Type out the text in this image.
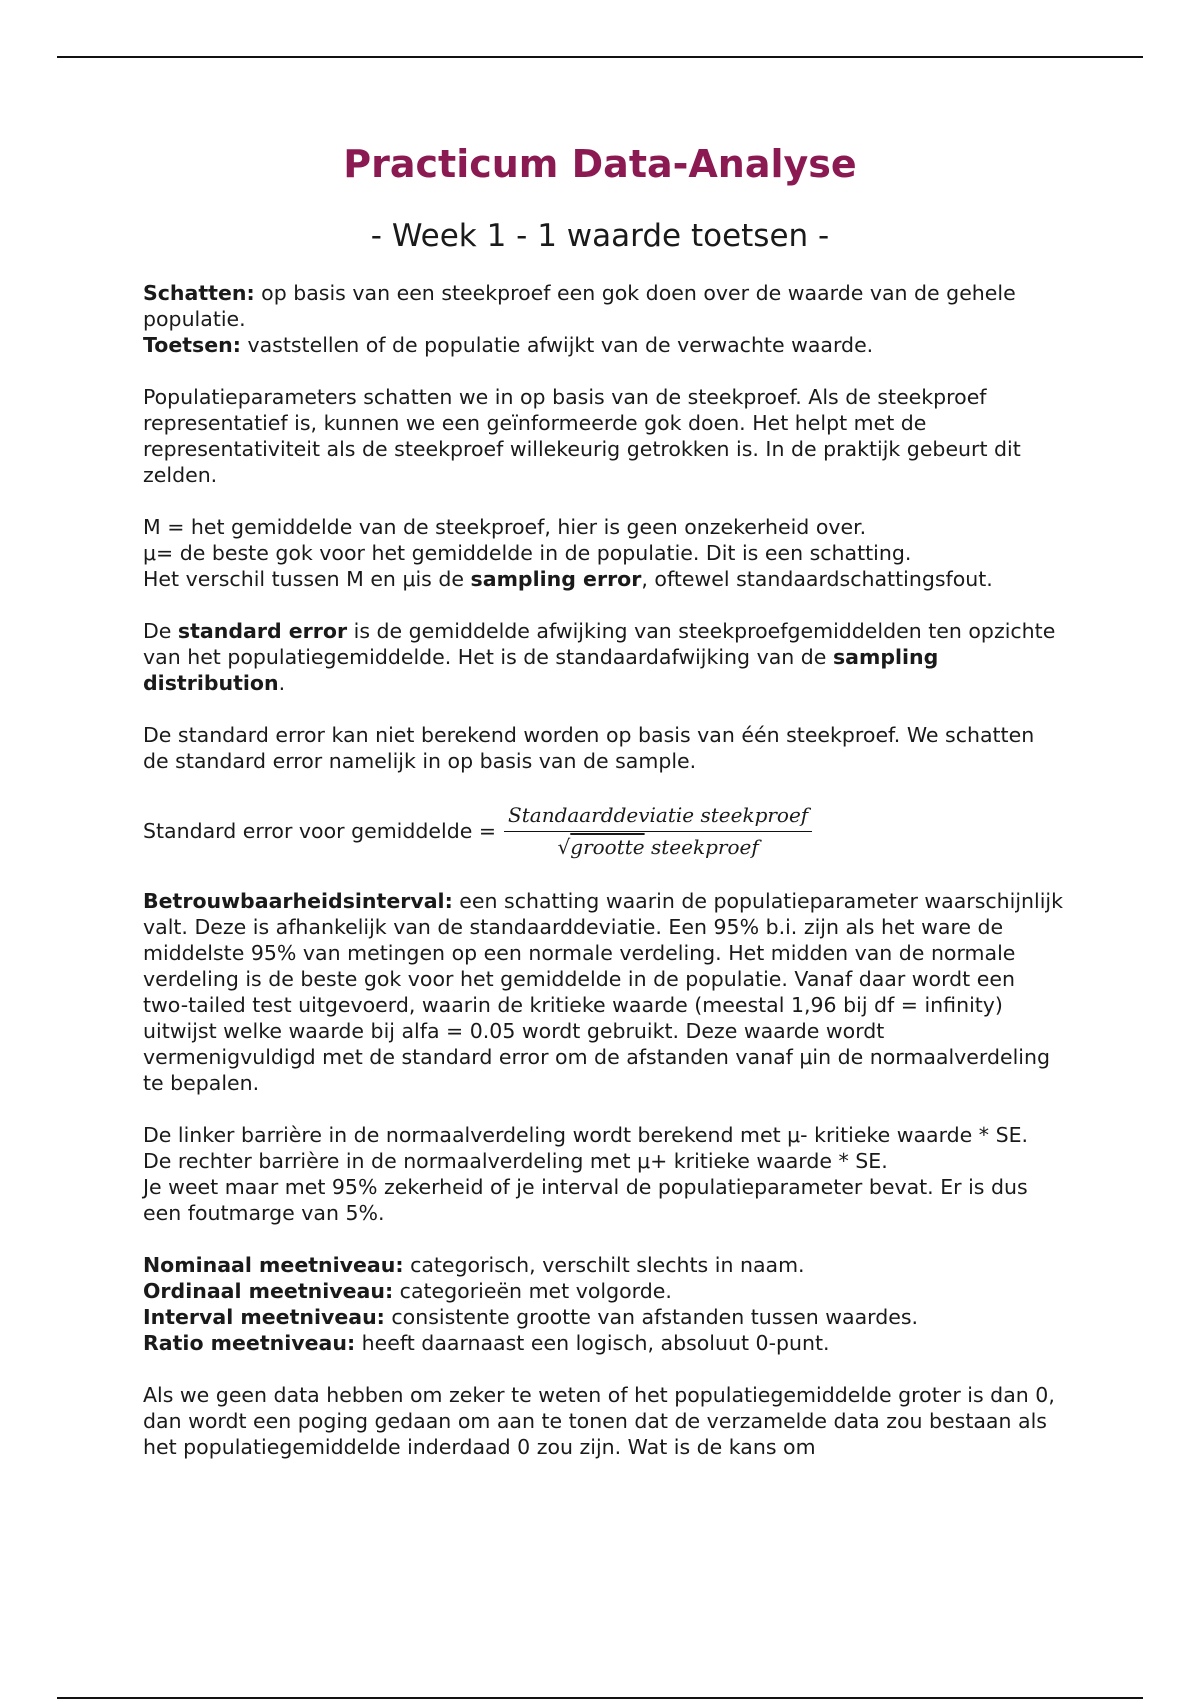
Practicum Data-Analyse
- Week 1 - 1 waarde toetsen -

Schatten: op basis van een steekproef een gok doen over de waarde van de gehele populatie.
Toetsen: vaststellen of de populatie afwijkt van de verwachte waarde.

Populatieparameters schatten we in op basis van de steekproef. Als de steekproef representatief is, kunnen we een geïnformeerde gok doen. Het helpt met de representativiteit als de steekproef willekeurig getrokken is. In de praktijk gebeurt dit zelden.

M = het gemiddelde van de steekproef, hier is geen onzekerheid over.
μ= de beste gok voor het gemiddelde in de populatie. Dit is een schatting.
Het verschil tussen M en μis de sampling error, oftewel standaardschattingsfout.

De standard error is de gemiddelde afwijking van steekproefgemiddelden ten opzichte van het populatiegemiddelde. Het is de standaardafwijking van de sampling distribution.

De standard error kan niet berekend worden op basis van één steekproef. We schatten de standard error namelijk in op basis van de sample.

Standard error voor gemiddelde = $\frac{\text{Standaarddeviatie steekproef}}{\text{√grootte steekproef}}$

Betrouwbaarheidsinterval: een schatting waarin de populatieparameter waarschijnlijk valt. Deze is afhankelijk van de standaarddeviatie. Een 95% b.i. zijn als het ware de middelste 95% van metingen op een normale verdeling. Het midden van de normale verdeling is de beste gok voor het gemiddelde in de populatie. Vanaf daar wordt een two-tailed test uitgevoerd, waarin de kritieke waarde (meestal 1,96 bij df = infinity) uitwijst welke waarde bij alfa = 0.05 wordt gebruikt. Deze waarde wordt vermenigvuldigd met de standard error om de afstanden vanaf μin de normaalverdeling te bepalen.

De linker barrière in de normaalverdeling wordt berekend met μ- kritieke waarde * SE.
De rechter barrière in de normaalverdeling met μ+ kritieke waarde * SE.
Je weet maar met 95% zekerheid of je interval de populatieparameter bevat. Er is dus een foutmarge van 5%.

Nominaal meetniveau: categorisch, verschilt slechts in naam.
Ordinaal meetniveau: categorieën met volgorde.
Interval meetniveau: consistente grootte van afstanden tussen waardes.
Ratio meetniveau: heeft daarnaast een logisch, absoluut 0-punt.

Als we geen data hebben om zeker te weten of het populatiegemiddelde groter is dan 0, dan wordt een poging gedaan om aan te tonen dat de verzamelde data zou bestaan als het populatiegemiddelde inderdaad 0 zou zijn. Wat is de kans om
